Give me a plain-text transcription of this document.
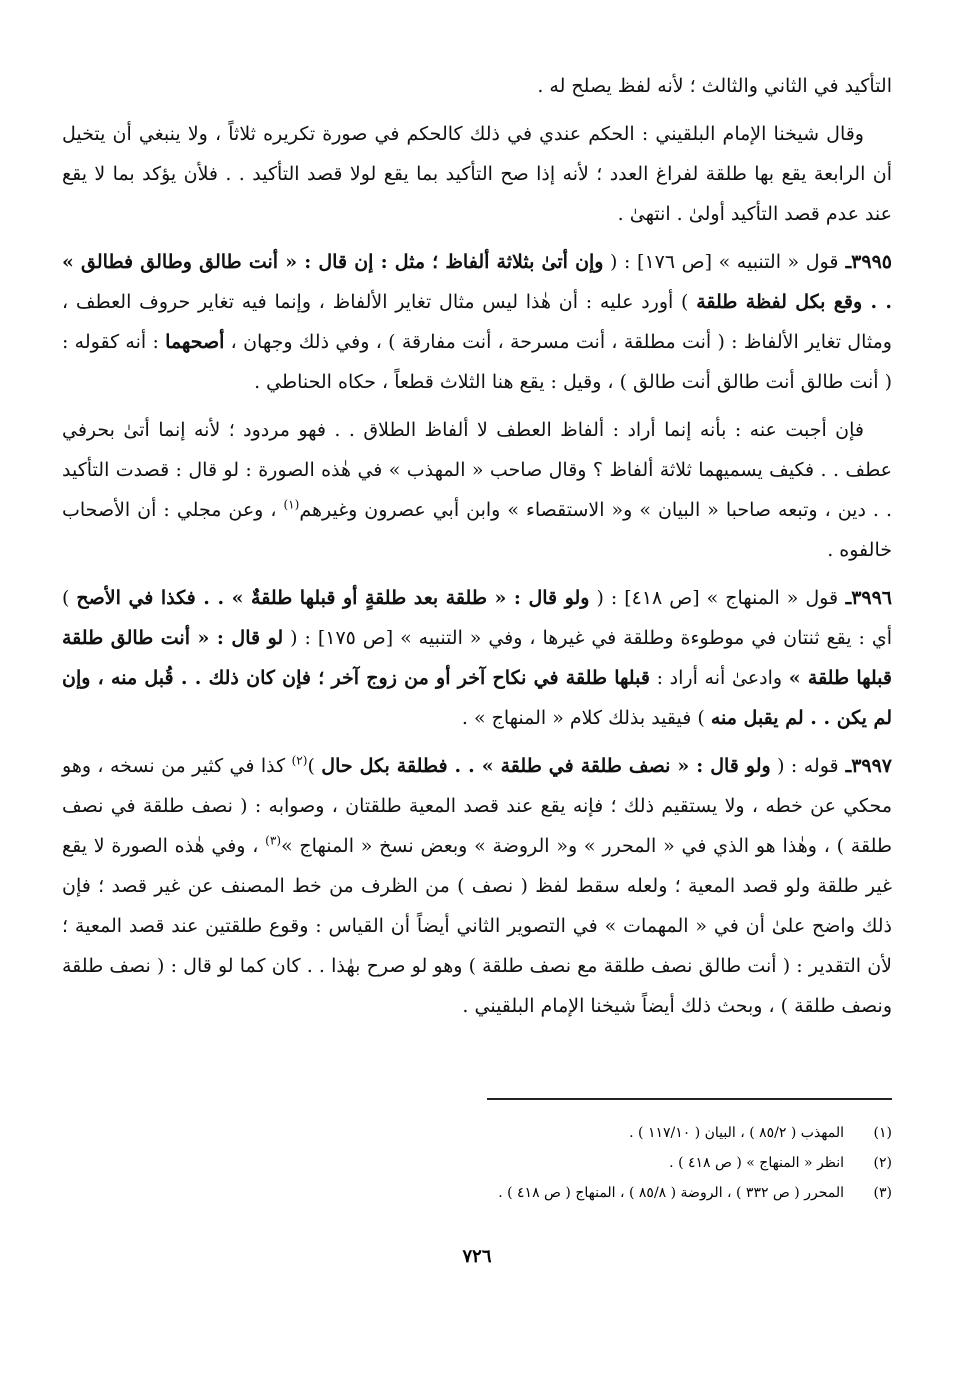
التأكيد في الثاني والثالث ؛ لأنه لفظ يصلح له .
وقال شيخنا الإمام البلقيني : الحكم عندي في ذلك كالحكم في صورة تكريره ثلاثاً ، ولا ينبغي أن يتخيل أن الرابعة يقع بها طلقة لفراغ العدد ؛ لأنه إذا صح التأكيد بما يقع لولا قصد التأكيد . . فلأن يؤكد بما لا يقع عند عدم قصد التأكيد أولىٰ . انتهىٰ .
٣٩٩٥ـ قول « التنبيه » [ص ١٧٦] : ( وإن أتىٰ بثلاثة ألفاظ ؛ مثل : إن قال : « أنت طالق وطالق فطالق » . . وقع بكل لفظة طلقة ) أورد عليه : أن هٰذا ليس مثال تغاير الألفاظ ، وإنما فيه تغاير حروف العطف ، ومثال تغاير الألفاظ : ( أنت مطلقة ، أنت مسرحة ، أنت مفارقة ) ، وفي ذلك وجهان ، أصحهما : أنه كقوله : ( أنت طالق أنت طالق أنت طالق ) ، وقيل : يقع هنا الثلاث قطعاً ، حكاه الحناطي .
فإن أجبت عنه : بأنه إنما أراد : ألفاظ العطف لا ألفاظ الطلاق . . فهو مردود ؛ لأنه إنما أتىٰ بحرفي عطف . . فكيف يسميهما ثلاثة ألفاظ ؟ وقال صاحب « المهذب » في هٰذه الصورة : لو قال : قصدت التأكيد . . دين ، وتبعه صاحبا « البيان » و« الاستقصاء » وابن أبي عصرون وغيرهم$^{(١)}$ ، وعن مجلي : أن الأصحاب خالفوه .
٣٩٩٦ـ قول « المنهاج » [ص ٤١٨] : ( ولو قال : « طلقة بعد طلقةٍ أو قبلها طلقةٌ » . . فكذا في الأصح ) أي : يقع ثنتان في موطوءة وطلقة في غيرها ، وفي « التنبيه » [ص ١٧٥] : ( لو قال : « أنت طالق طلقة قبلها طلقة » وادعىٰ أنه أراد : قبلها طلقة في نكاح آخر أو من زوج آخر ؛ فإن كان ذلك . . قُبل منه ، وإن لم يكن . . لم يقبل منه ) فيقيد بذلك كلام « المنهاج » .
٣٩٩٧ـ قوله : ( ولو قال : « نصف طلقة في طلقة » . . فطلقة بكل حال )$^{(٢)}$ كذا في كثير من نسخه ، وهو محكي عن خطه ، ولا يستقيم ذلك ؛ فإنه يقع عند قصد المعية طلقتان ، وصوابه : ( نصف طلقة في نصف طلقة ) ، وهٰذا هو الذي في « المحرر » و« الروضة » وبعض نسخ « المنهاج »$^{(٣)}$ ، وفي هٰذه الصورة لا يقع غير طلقة ولو قصد المعية ؛ ولعله سقط لفظ ( نصف ) من الظرف من خط المصنف عن غير قصد ؛ فإن ذلك واضح علىٰ أن في « المهمات » في التصوير الثاني أيضاً أن القياس : وقوع طلقتين عند قصد المعية ؛ لأن التقدير : ( أنت طالق نصف طلقة مع نصف طلقة ) وهو لو صرح بهٰذا . . كان كما لو قال : ( نصف طلقة ونصف طلقة ) ، وبحث ذلك أيضاً شيخنا الإمام البلقيني .
(١)
المهذب ( ٨٥/٢ ) ، البيان ( ١١٧/١٠ ) .
(٢)
انظر « المنهاج » ( ص ٤١٨ ) .
(٣)
المحرر ( ص ٣٣٢ ) ، الروضة ( ٨٥/٨ ) ، المنهاج ( ص ٤١٨ ) .
٧٢٦
